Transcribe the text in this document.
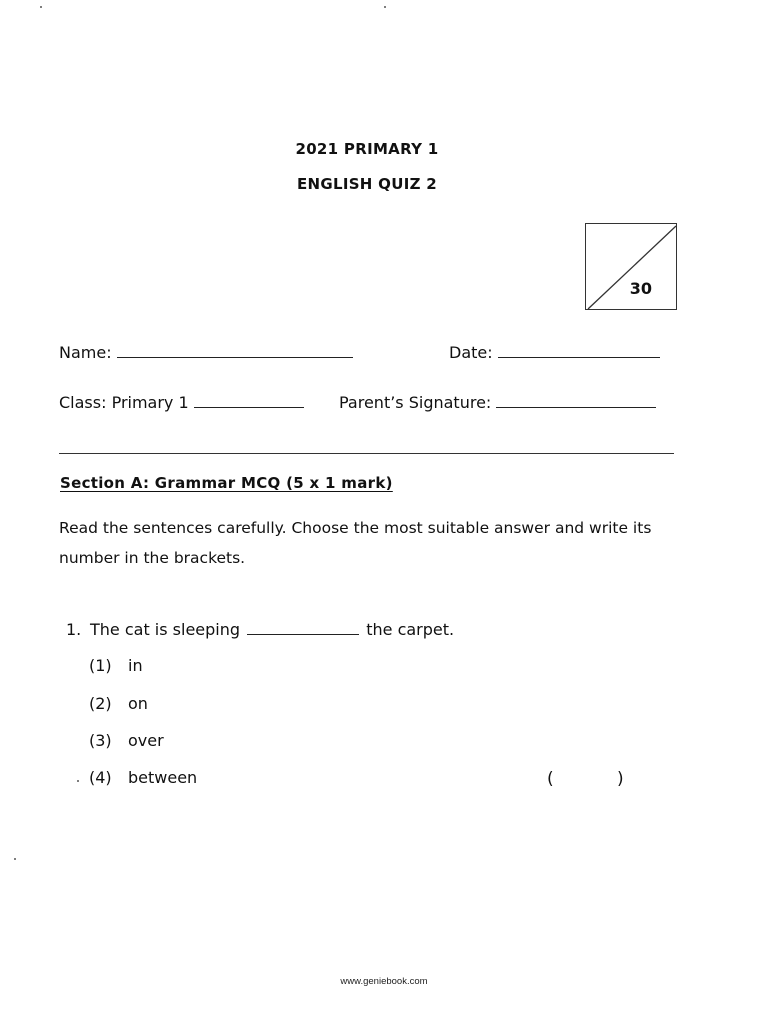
2021 PRIMARY 1
ENGLISH QUIZ 2
30
Name:	Date:
Class: Primary 1	Parent’s Signature:
Section A: Grammar MCQ (5 x 1 mark)
Read the sentences carefully. Choose the most suitable answer and write its number in the brackets.
1. The cat is sleeping	the carpet.
(1) in
(2) on
(3) over
(4) between	(	)
www.geniebook.com
